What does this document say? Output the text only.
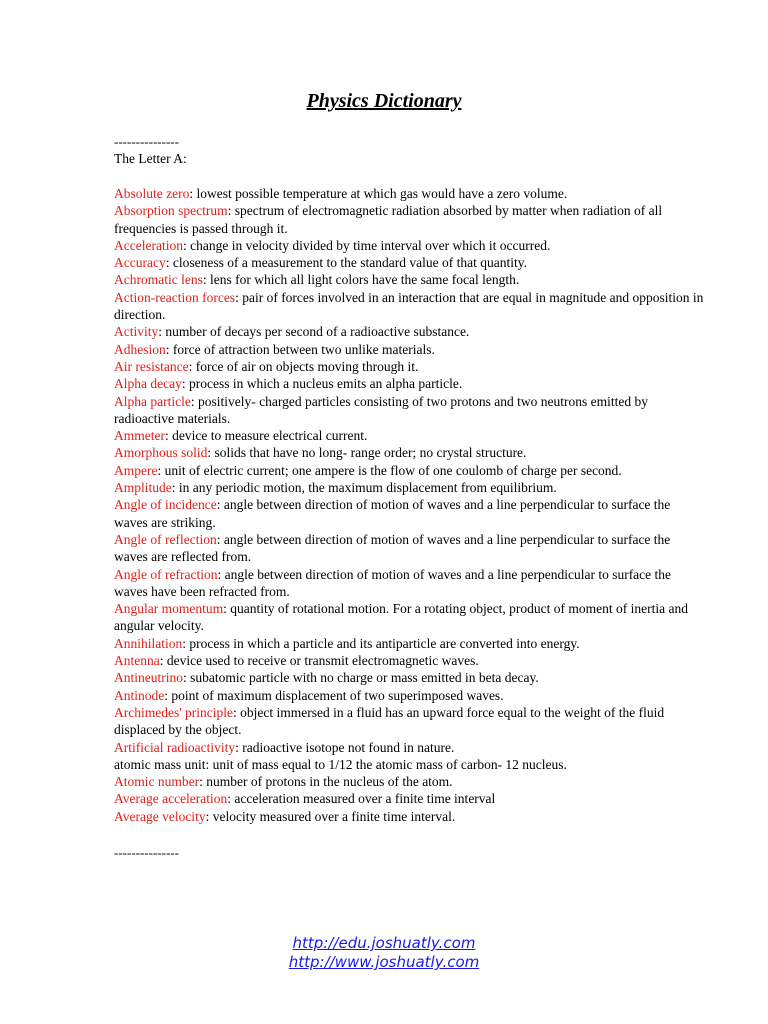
Physics Dictionary
---------------
The Letter A:
Absolute zero: lowest possible temperature at which gas would have a zero volume.
Absorption spectrum: spectrum of electromagnetic radiation absorbed by matter when radiation of all frequencies is passed through it.
Acceleration: change in velocity divided by time interval over which it occurred.
Accuracy: closeness of a measurement to the standard value of that quantity.
Achromatic lens: lens for which all light colors have the same focal length.
Action-reaction forces: pair of forces involved in an interaction that are equal in magnitude and opposition in direction.
Activity: number of decays per second of a radioactive substance.
Adhesion: force of attraction between two unlike materials.
Air resistance: force of air on objects moving through it.
Alpha decay: process in which a nucleus emits an alpha particle.
Alpha particle: positively- charged particles consisting of two protons and two neutrons emitted by radioactive materials.
Ammeter: device to measure electrical current.
Amorphous solid: solids that have no long- range order; no crystal structure.
Ampere: unit of electric current; one ampere is the flow of one coulomb of charge per second.
Amplitude: in any periodic motion, the maximum displacement from equilibrium.
Angle of incidence: angle between direction of motion of waves and a line perpendicular to surface the waves are striking.
Angle of reflection: angle between direction of motion of waves and a line perpendicular to surface the waves are reflected from.
Angle of refraction: angle between direction of motion of waves and a line perpendicular to surface the waves have been refracted from.
Angular momentum: quantity of rotational motion. For a rotating object, product of moment of inertia and angular velocity.
Annihilation: process in which a particle and its antiparticle are converted into energy.
Antenna: device used to receive or transmit electromagnetic waves.
Antineutrino: subatomic particle with no charge or mass emitted in beta decay.
Antinode: point of maximum displacement of two superimposed waves.
Archimedes' principle: object immersed in a fluid has an upward force equal to the weight of the fluid displaced by the object.
Artificial radioactivity: radioactive isotope not found in nature.
atomic mass unit: unit of mass equal to 1/12 the atomic mass of carbon- 12 nucleus.
Atomic number: number of protons in the nucleus of the atom.
Average acceleration: acceleration measured over a finite time interval
Average velocity: velocity measured over a finite time interval.
---------------
http://edu.joshuatly.com
http://www.joshuatly.com
